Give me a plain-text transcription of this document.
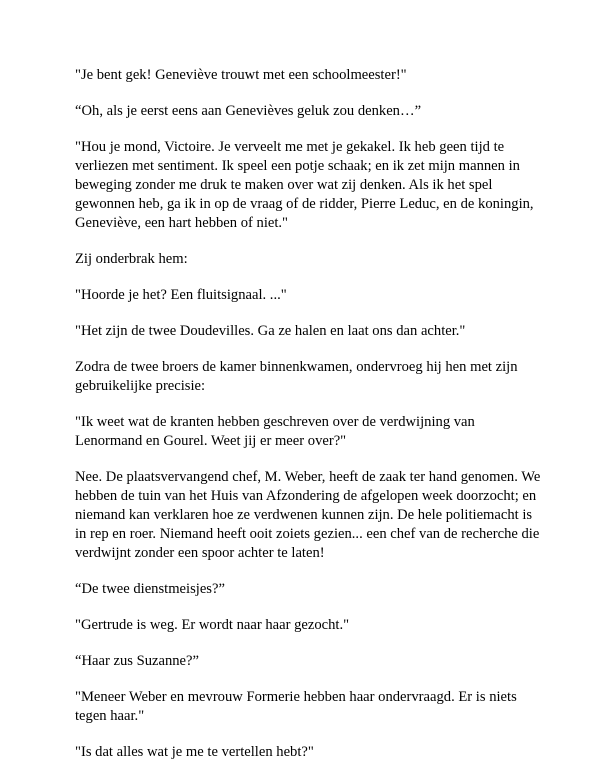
"Je bent gek! Geneviève trouwt met een schoolmeester!"

“Oh, als je eerst eens aan Genevièves geluk zou denken…”

"Hou je mond, Victoire. Je verveelt me met je gekakel. Ik heb geen tijd te verliezen met sentiment. Ik speel een potje schaak; en ik zet mijn mannen in beweging zonder me druk te maken over wat zij denken. Als ik het spel gewonnen heb, ga ik in op de vraag of de ridder, Pierre Leduc, en de koningin, Geneviève, een hart hebben of niet."

Zij onderbrak hem:

"Hoorde je het? Een fluitsignaal. ..."

"Het zijn de twee Doudevilles. Ga ze halen en laat ons dan achter."

Zodra de twee broers de kamer binnenkwamen, ondervroeg hij hen met zijn gebruikelijke precisie:

"Ik weet wat de kranten hebben geschreven over de verdwijning van Lenormand en Gourel. Weet jij er meer over?"

Nee. De plaatsvervangend chef, M. Weber, heeft de zaak ter hand genomen. We hebben de tuin van het Huis van Afzondering de afgelopen week doorzocht; en niemand kan verklaren hoe ze verdwenen kunnen zijn. De hele politiemacht is in rep en roer. Niemand heeft ooit zoiets gezien... een chef van de recherche die verdwijnt zonder een spoor achter te laten!

“De twee dienstmeisjes?”

"Gertrude is weg. Er wordt naar haar gezocht."

“Haar zus Suzanne?”

"Meneer Weber en mevrouw Formerie hebben haar ondervraagd. Er is niets tegen haar."

"Is dat alles wat je me te vertellen hebt?"
